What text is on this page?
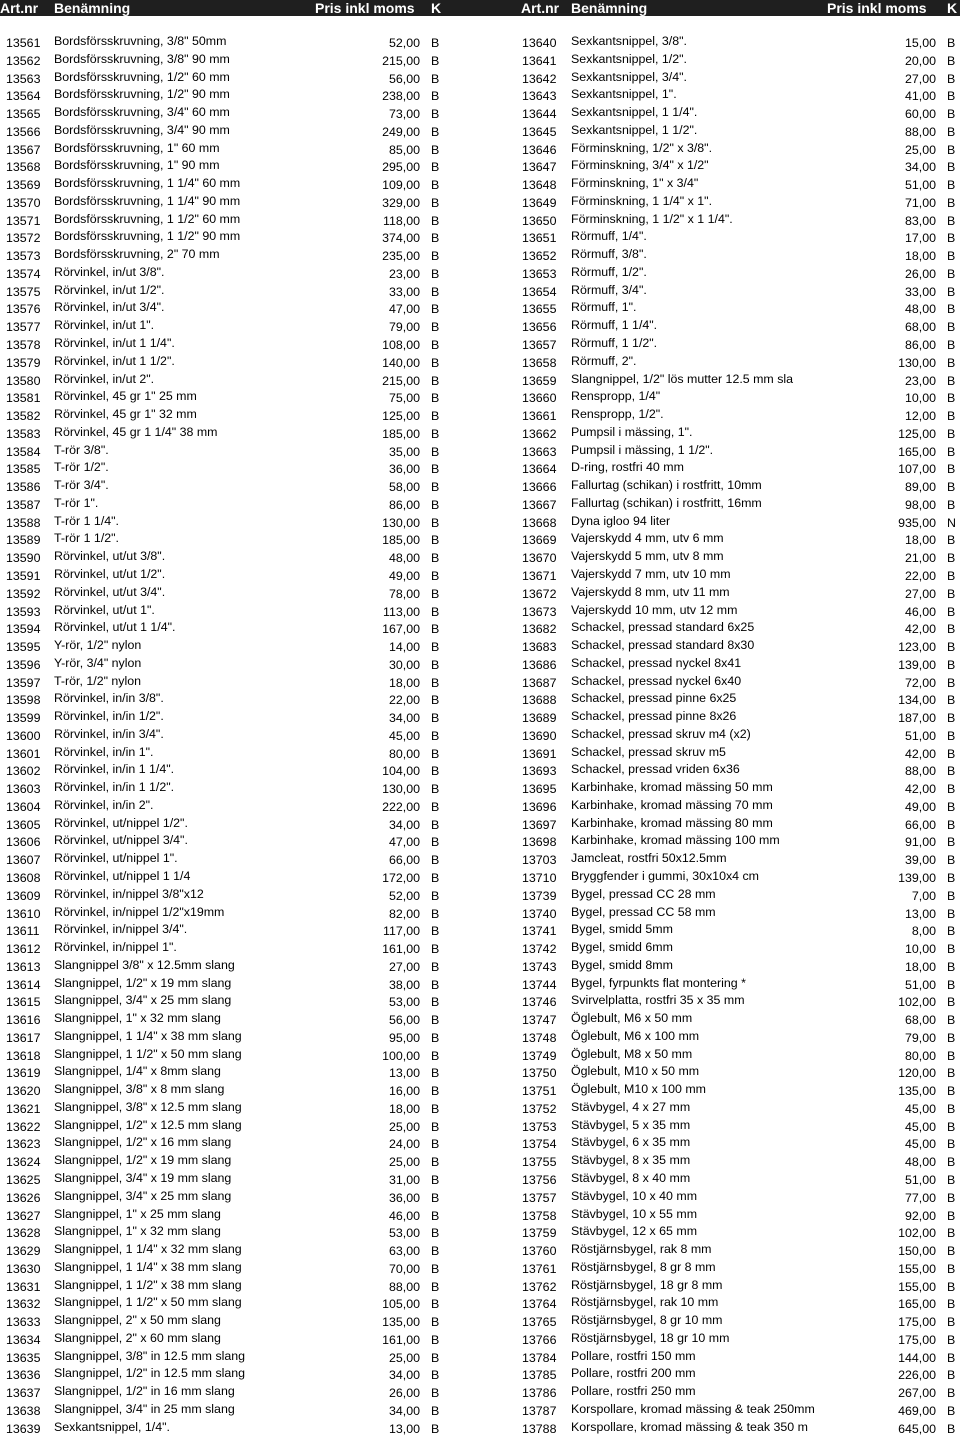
Art.nr Benämning	Pris inkl moms K	Art.nr Benämning	Pris inkl moms K
13561 Bordsförsskruvning, 3/8" 50mm	52,00 B	13640 Sexkantsnippel, 3/8".	15,00 B
13562 Bordsförsskruvning, 3/8" 90 mm	215,00 B	13641 Sexkantsnippel, 1/2".	20,00 B
13563 Bordsförsskruvning, 1/2" 60 mm	56,00 B	13642 Sexkantsnippel, 3/4".	27,00 B
13564 Bordsförsskruvning, 1/2" 90 mm	238,00 B	13643 Sexkantsnippel, 1".	41,00 B
13565 Bordsförsskruvning, 3/4" 60 mm	73,00 B	13644 Sexkantsnippel, 1 1/4".	60,00 B
13566 Bordsförsskruvning, 3/4" 90 mm	249,00 B	13645 Sexkantsnippel, 1 1/2".	88,00 B
13567 Bordsförsskruvning, 1" 60 mm	85,00 B	13646 Förminskning, 1/2" x 3/8".	25,00 B
13568 Bordsförsskruvning, 1" 90 mm	295,00 B	13647 Förminskning, 3/4" x 1/2"	34,00 B
13569 Bordsförsskruvning, 1 1/4" 60 mm	109,00 B	13648 Förminskning, 1" x 3/4"	51,00 B
13570 Bordsförsskruvning, 1 1/4" 90 mm	329,00 B	13649 Förminskning, 1 1/4" x 1".	71,00 B
13571 Bordsförsskruvning, 1 1/2" 60 mm	118,00 B	13650 Förminskning, 1 1/2" x 1 1/4".	83,00 B
13572 Bordsförsskruvning, 1 1/2" 90 mm	374,00 B	13651 Rörmuff, 1/4".	17,00 B
13573 Bordsförsskruvning, 2" 70 mm	235,00 B	13652 Rörmuff, 3/8".	18,00 B
13574 Rörvinkel, in/ut 3/8".	23,00 B	13653 Rörmuff, 1/2".	26,00 B
13575 Rörvinkel, in/ut 1/2".	33,00 B	13654 Rörmuff, 3/4".	33,00 B
13576 Rörvinkel, in/ut 3/4".	47,00 B	13655 Rörmuff, 1".	48,00 B
13577 Rörvinkel, in/ut 1".	79,00 B	13656 Rörmuff, 1 1/4".	68,00 B
13578 Rörvinkel, in/ut 1 1/4".	108,00 B	13657 Rörmuff, 1 1/2".	86,00 B
13579 Rörvinkel, in/ut 1 1/2".	140,00 B	13658 Rörmuff, 2".	130,00 B
13580 Rörvinkel, in/ut 2".	215,00 B	13659 Slangnippel, 1/2" lös mutter 12.5 mm sla	23,00 B
13581 Rörvinkel, 45 gr 1" 25 mm	75,00 B	13660 Renspropp, 1/4"	10,00 B
13582 Rörvinkel, 45 gr 1" 32 mm	125,00 B	13661 Renspropp, 1/2".	12,00 B
13583 Rörvinkel, 45 gr 1 1/4" 38 mm	185,00 B	13662 Pumpsil i mässing, 1".	125,00 B
13584 T-rör 3/8".	35,00 B	13663 Pumpsil i mässing, 1 1/2".	165,00 B
13585 T-rör 1/2".	36,00 B	13664 D-ring, rostfri 40 mm	107,00 B
13586 T-rör 3/4".	58,00 B	13666 Fallurtag (schikan) i rostfritt, 10mm	89,00 B
13587 T-rör 1".	86,00 B	13667 Fallurtag (schikan) i rostfritt, 16mm	98,00 B
13588 T-rör 1 1/4".	130,00 B	13668 Dyna igloo 94 liter	935,00 N
13589 T-rör 1 1/2".	185,00 B	13669 Vajerskydd 4 mm, utv 6 mm	18,00 B
13590 Rörvinkel, ut/ut 3/8".	48,00 B	13670 Vajerskydd 5 mm, utv 8 mm	21,00 B
13591 Rörvinkel, ut/ut 1/2".	49,00 B	13671 Vajerskydd 7 mm, utv 10 mm	22,00 B
13592 Rörvinkel, ut/ut 3/4".	78,00 B	13672 Vajerskydd 8 mm, utv 11 mm	27,00 B
13593 Rörvinkel, ut/ut 1".	113,00 B	13673 Vajerskydd 10 mm, utv 12 mm	46,00 B
13594 Rörvinkel, ut/ut 1 1/4".	167,00 B	13682 Schackel, pressad standard 6x25	42,00 B
13595 Y-rör, 1/2" nylon	14,00 B	13683 Schackel, pressad standard 8x30	123,00 B
13596 Y-rör, 3/4" nylon	30,00 B	13686 Schackel, pressad nyckel 8x41	139,00 B
13597 T-rör, 1/2" nylon	18,00 B	13687 Schackel, pressad nyckel 6x40	72,00 B
13598 Rörvinkel, in/in 3/8".	22,00 B	13688 Schackel, pressad pinne 6x25	134,00 B
13599 Rörvinkel, in/in 1/2".	34,00 B	13689 Schackel, pressad pinne 8x26	187,00 B
13600 Rörvinkel, in/in 3/4".	45,00 B	13690 Schackel, pressad skruv m4 (x2)	51,00 B
13601 Rörvinkel, in/in 1".	80,00 B	13691 Schackel, pressad skruv m5	42,00 B
13602 Rörvinkel, in/in 1 1/4".	104,00 B	13693 Schackel, pressad vriden 6x36	88,00 B
13603 Rörvinkel, in/in 1 1/2".	130,00 B	13695 Karbinhake, kromad mässing 50 mm	42,00 B
13604 Rörvinkel, in/in 2".	222,00 B	13696 Karbinhake, kromad mässing 70 mm	49,00 B
13605 Rörvinkel, ut/nippel 1/2".	34,00 B	13697 Karbinhake, kromad mässing 80 mm	66,00 B
13606 Rörvinkel, ut/nippel 3/4".	47,00 B	13698 Karbinhake, kromad mässing 100 mm	91,00 B
13607 Rörvinkel, ut/nippel 1".	66,00 B	13703 Jamcleat, rostfri 50x12.5mm	39,00 B
13608 Rörvinkel, ut/nippel 1 1/4	172,00 B	13710 Bryggfender i gummi, 30x10x4 cm	139,00 B
13609 Rörvinkel, in/nippel 3/8"x12	52,00 B	13739 Bygel, pressad CC 28 mm	7,00 B
13610 Rörvinkel, in/nippel 1/2"x19mm	82,00 B	13740 Bygel, pressad CC 58 mm	13,00 B
13611 Rörvinkel, in/nippel 3/4".	117,00 B	13741 Bygel, smidd 5mm	8,00 B
13612 Rörvinkel, in/nippel 1".	161,00 B	13742 Bygel, smidd 6mm	10,00 B
13613 Slangnippel 3/8" x 12.5mm slang	27,00 B	13743 Bygel, smidd 8mm	18,00 B
13614 Slangnippel, 1/2" x 19 mm slang	38,00 B	13744 Bygel, fyrpunkts flat montering *	51,00 B
13615 Slangnippel, 3/4" x 25 mm slang	53,00 B	13746 Svirvelplatta, rostfri 35 x 35 mm	102,00 B
13616 Slangnippel, 1" x 32 mm slang	56,00 B	13747 Öglebult, M6 x 50 mm	68,00 B
13617 Slangnippel, 1 1/4" x 38 mm slang	95,00 B	13748 Öglebult, M6 x 100 mm	79,00 B
13618 Slangnippel, 1 1/2" x 50 mm slang	100,00 B	13749 Öglebult, M8 x 50 mm	80,00 B
13619 Slangnippel, 1/4" x 8mm slang	13,00 B	13750 Öglebult, M10 x 50 mm	120,00 B
13620 Slangnippel, 3/8" x 8 mm slang	16,00 B	13751 Öglebult, M10 x 100 mm	135,00 B
13621 Slangnippel, 3/8" x 12.5 mm slang	18,00 B	13752 Stävbygel, 4 x 27 mm	45,00 B
13622 Slangnippel, 1/2" x 12.5 mm slang	25,00 B	13753 Stävbygel, 5 x 35 mm	45,00 B
13623 Slangnippel, 1/2" x 16 mm slang	24,00 B	13754 Stävbygel, 6 x 35 mm	45,00 B
13624 Slangnippel, 1/2" x 19 mm slang	25,00 B	13755 Stävbygel, 8 x 35 mm	48,00 B
13625 Slangnippel, 3/4" x 19 mm slang	31,00 B	13756 Stävbygel, 8 x 40 mm	51,00 B
13626 Slangnippel, 3/4" x 25 mm slang	36,00 B	13757 Stävbygel, 10 x 40 mm	77,00 B
13627 Slangnippel, 1" x 25 mm slang	46,00 B	13758 Stävbygel, 10 x 55 mm	92,00 B
13628 Slangnippel, 1" x 32 mm slang	53,00 B	13759 Stävbygel, 12 x 65 mm	102,00 B
13629 Slangnippel, 1 1/4" x 32 mm slang	63,00 B	13760 Röstjärnsbygel, rak 8 mm	150,00 B
13630 Slangnippel, 1 1/4" x 38 mm slang	70,00 B	13761 Röstjärnsbygel, 8 gr 8 mm	155,00 B
13631 Slangnippel, 1 1/2" x 38 mm slang	88,00 B	13762 Röstjärnsbygel, 18 gr 8 mm	155,00 B
13632 Slangnippel, 1 1/2" x 50 mm slang	105,00 B	13764 Röstjärnsbygel, rak 10 mm	165,00 B
13633 Slangnippel, 2" x 50 mm slang	135,00 B	13765 Röstjärnsbygel, 8 gr 10 mm	175,00 B
13634 Slangnippel, 2" x 60 mm slang	161,00 B	13766 Röstjärnsbygel, 18 gr 10 mm	175,00 B
13635 Slangnippel, 3/8" in 12.5 mm slang	25,00 B	13784 Pollare, rostfri 150 mm	144,00 B
13636 Slangnippel, 1/2" in 12.5 mm slang	34,00 B	13785 Pollare, rostfri 200 mm	226,00 B
13637 Slangnippel, 1/2" in 16 mm slang	26,00 B	13786 Pollare, rostfri 250 mm	267,00 B
13638 Slangnippel, 3/4" in 25 mm slang	34,00 B	13787 Korspollare, kromad mässing & teak 250mm	469,00 B
13639 Sexkantsnippel, 1/4".	13,00 B	13788 Korspollare, kromad mässing & teak 350 m	645,00 B
